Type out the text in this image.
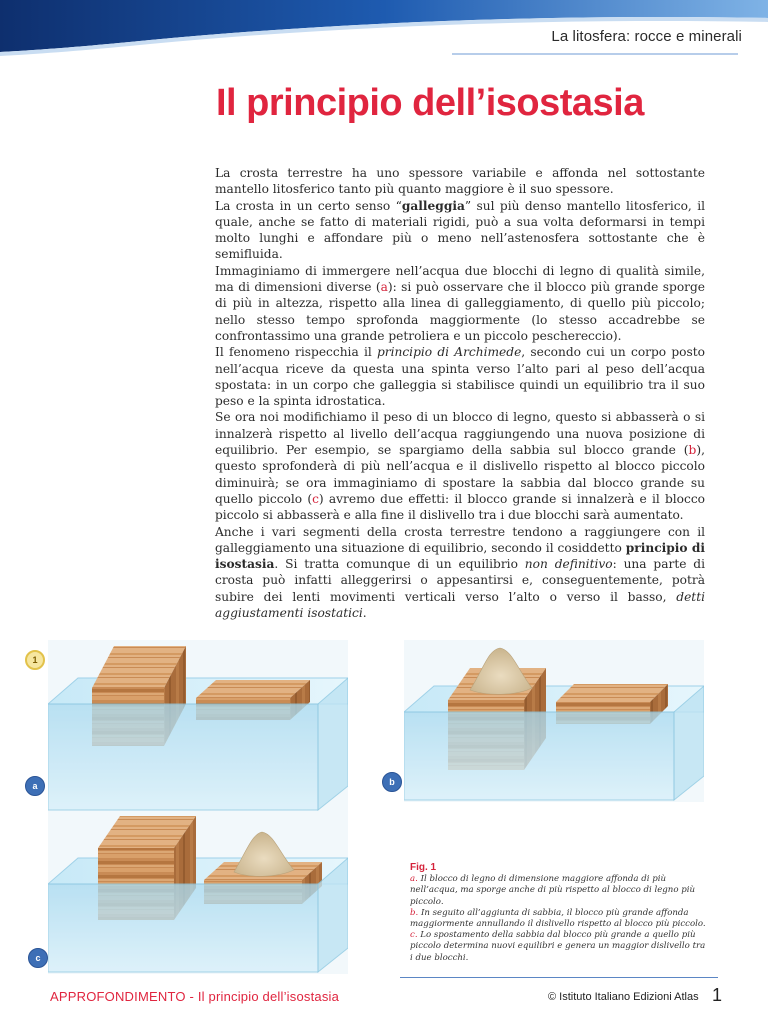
La litosfera: rocce e minerali
Il principio dell’isostasia

La crosta terrestre ha uno spessore variabile e affonda nel sottostante mantello litosferico tanto più quanto maggiore è il suo spessore.

La crosta in un certo senso “galleggia” sul più denso mantello litosferico, il quale, anche se fatto di materiali rigidi, può a sua volta deformarsi in tempi molto lunghi e affondare più o meno nell’astenosfera sottostante che è semifluida.

Immaginiamo di immergere nell’acqua due blocchi di legno di qualità simile, ma di dimensioni diverse (a): si può osservare che il blocco più grande sporge di più in altezza, rispetto alla linea di galleggiamento, di quello più piccolo; nello stesso tempo sprofonda maggiormente (lo stesso accadrebbe se confrontassimo una grande petroliera e un piccolo peschereccio).

Il fenomeno rispecchia il principio di Archimede, secondo cui un corpo posto nell’acqua riceve da questa una spinta verso l’alto pari al peso dell’acqua spostata: in un corpo che galleggia si stabilisce quindi un equilibrio tra il suo peso e la spinta idrostatica.

Se ora noi modifichiamo il peso di un blocco di legno, questo si abbasserà o si innalzerà rispetto al livello dell’acqua raggiungendo una nuova posizione di equilibrio. Per esempio, se spargiamo della sabbia sul blocco grande (b), questo sprofonderà di più nell’acqua e il dislivello rispetto al blocco piccolo diminuirà; se ora immaginiamo di spostare la sabbia dal blocco grande su quello piccolo (c) avremo due effetti: il blocco grande si innalzerà e il blocco piccolo si abbasserà e alla fine il dislivello tra i due blocchi sarà aumentato.

Anche i vari segmenti della crosta terrestre tendono a raggiungere con il galleggiamento una situazione di equilibrio, secondo il cosiddetto principio di isostasia. Si tratta comunque di un equilibrio non definitivo: una parte di crosta può infatti alleggerirsi o appesantirsi e, conseguentemente, potrà subire dei lenti movimenti verticali verso l’alto o verso il basso, detti aggiustamenti isostatici.

1
a	b
c
Fig. 1
a. Il blocco di legno di dimensione maggiore affonda di più nell’acqua, ma sporge anche di più rispetto al blocco di legno più piccolo.
b. In seguito all’aggiunta di sabbia, il blocco più grande affonda maggiormente annullando il dislivello rispetto al blocco più piccolo.
c. Lo spostamento della sabbia dal blocco più grande a quello più piccolo determina nuovi equilibri e genera un maggior dislivello tra i due blocchi.
APPROFONDIMENTO - Il principio dell’isostasia	© Istituto Italiano Edizioni Atlas 1
